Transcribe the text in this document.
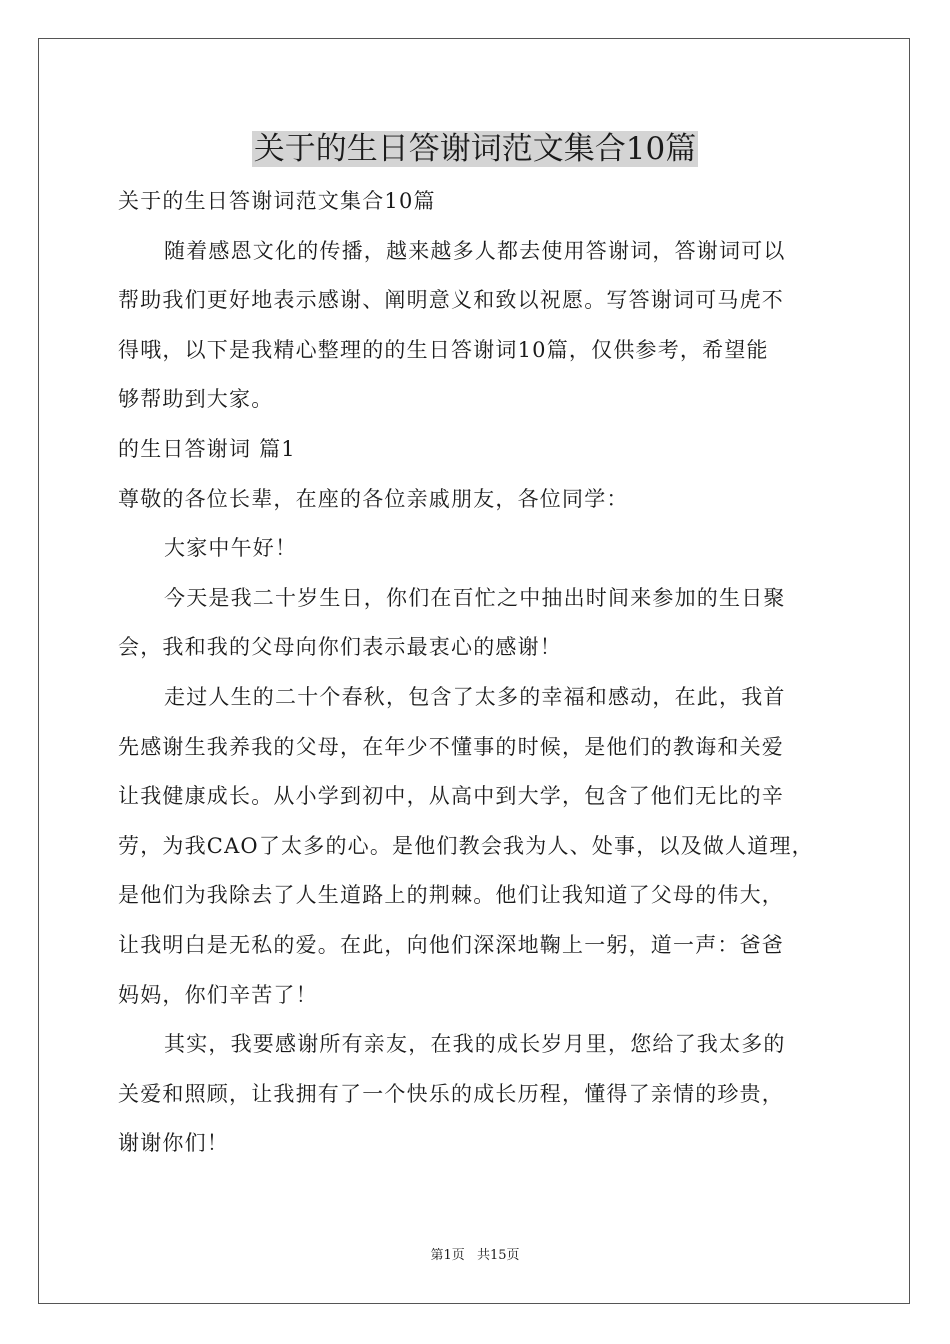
关于的生日答谢词范文集合10篇
关于的生日答谢词范文集合10篇
随着感恩文化的传播，越来越多人都去使用答谢词，答谢词可以
帮助我们更好地表示感谢、阐明意义和致以祝愿。写答谢词可马虎不
得哦，以下是我精心整理的的生日答谢词10篇，仅供参考，希望能
够帮助到大家。
的生日答谢词 篇1
尊敬的各位长辈，在座的各位亲戚朋友，各位同学：
大家中午好！
今天是我二十岁生日，你们在百忙之中抽出时间来参加的生日聚
会，我和我的父母向你们表示最衷心的感谢！
走过人生的二十个春秋，包含了太多的幸福和感动，在此，我首
先感谢生我养我的父母，在年少不懂事的时候，是他们的教诲和关爱
让我健康成长。从小学到初中，从高中到大学，包含了他们无比的辛
劳，为我CAO了太多的心。是他们教会我为人、处事，以及做人道理，
是他们为我除去了人生道路上的荆棘。他们让我知道了父母的伟大，
让我明白是无私的爱。在此，向他们深深地鞠上一躬，道一声：爸爸
妈妈，你们辛苦了！
其实，我要感谢所有亲友，在我的成长岁月里，您给了我太多的
关爱和照顾，让我拥有了一个快乐的成长历程，懂得了亲情的珍贵，
谢谢你们！
第1页 共15页
